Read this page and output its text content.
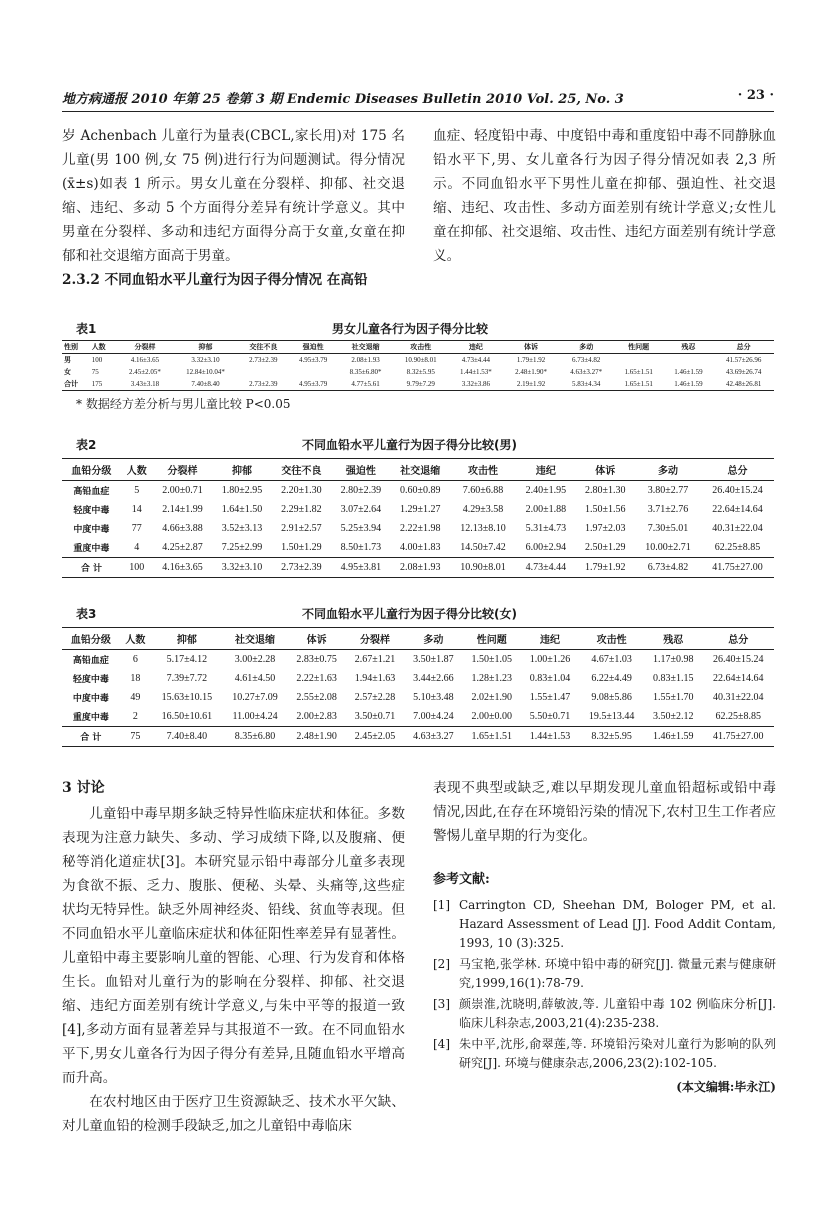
地方病通报 2010 年第 25 卷第 3 期 Endemic Diseases Bulletin 2010 Vol. 25, No. 3	· 23 ·

岁 Achenbach 儿童行为量表(CBCL,家长用)对 175 名儿童(男 100 例,女 75 例)进行行为问题测试。得分情况(x̄±s)如表 1 所示。男女儿童在分裂样、抑郁、社交退缩、违纪、多动 5 个方面得分差异有统计学意义。其中男童在分裂样、多动和违纪方面得分高于女童,女童在抑郁和社交退缩方面高于男童。

2.3.2 不同血铅水平儿童行为因子得分情况 在高铅

血症、轻度铅中毒、中度铅中毒和重度铅中毒不同静脉血铅水平下,男、女儿童各行为因子得分情况如表 2,3 所示。不同血铅水平下男性儿童在抑郁、强迫性、社交退缩、违纪、攻击性、多动方面差别有统计学意义;女性儿童在抑郁、社交退缩、攻击性、违纪方面差别有统计学意义。

表1	男女儿童各行为因子得分比较
性别	人数	分裂样	抑郁	交往不良	强迫性	社交退缩	攻击性	违纪	体诉	多动	性问题	残忍	总分
男	100	4.16±3.65	3.32±3.10	2.73±2.39	4.95±3.79	2.08±1.93	10.90±8.01	4.73±4.44	1.79±1.92	6.73±4.82			41.57±26.96
女	75	2.45±2.05*	12.84±10.04*			8.35±6.80*	8.32±5.95	1.44±1.53*	2.48±1.90*	4.63±3.27*	1.65±1.51	1.46±1.59	43.69±26.74
合计	175	3.43±3.18	7.40±8.40	2.73±2.39	4.95±3.79	4.77±5.61	9.79±7.29	3.32±3.86	2.19±1.92	5.83±4.34	1.65±1.51	1.46±1.59	42.48±26.81
* 数据经方差分析与男儿童比较 P<0.05
表2	不同血铅水平儿童行为因子得分比较(男)
血铅分级	人数	分裂样	抑郁	交往不良	强迫性	社交退缩	攻击性	违纪	体诉	多动	总分
高铅血症	5	2.00±0.71	1.80±2.95	2.20±1.30	2.80±2.39	0.60±0.89	7.60±6.88	2.40±1.95	2.80±1.30	3.80±2.77	26.40±15.24
轻度中毒	14	2.14±1.99	1.64±1.50	2.29±1.82	3.07±2.64	1.29±1.27	4.29±3.58	2.00±1.88	1.50±1.56	3.71±2.76	22.64±14.64
中度中毒	77	4.66±3.88	3.52±3.13	2.91±2.57	5.25±3.94	2.22±1.98	12.13±8.10	5.31±4.73	1.97±2.03	7.30±5.01	40.31±22.04
重度中毒	4	4.25±2.87	7.25±2.99	1.50±1.29	8.50±1.73	4.00±1.83	14.50±7.42	6.00±2.94	2.50±1.29	10.00±2.71	62.25±8.85
合 计	100	4.16±3.65	3.32±3.10	2.73±2.39	4.95±3.81	2.08±1.93	10.90±8.01	4.73±4.44	1.79±1.92	6.73±4.82	41.75±27.00
表3	不同血铅水平儿童行为因子得分比较(女)
血铅分级	人数	抑郁	社交退缩	体诉	分裂样	多动	性问题	违纪	攻击性	残忍	总分
高铅血症	6	5.17±4.12	3.00±2.28	2.83±0.75	2.67±1.21	3.50±1.87	1.50±1.05	1.00±1.26	4.67±1.03	1.17±0.98	26.40±15.24
轻度中毒	18	7.39±7.72	4.61±4.50	2.22±1.63	1.94±1.63	3.44±2.66	1.28±1.23	0.83±1.04	6.22±4.49	0.83±1.15	22.64±14.64
中度中毒	49	15.63±10.15	10.27±7.09	2.55±2.08	2.57±2.28	5.10±3.48	2.02±1.90	1.55±1.47	9.08±5.86	1.55±1.70	40.31±22.04
重度中毒	2	16.50±10.61	11.00±4.24	2.00±2.83	3.50±0.71	7.00±4.24	2.00±0.00	5.50±0.71	19.5±13.44	3.50±2.12	62.25±8.85
合 计	75	7.40±8.40	8.35±6.80	2.48±1.90	2.45±2.05	4.63±3.27	1.65±1.51	1.44±1.53	8.32±5.95	1.46±1.59	41.75±27.00

3 讨论

儿童铅中毒早期多缺乏特异性临床症状和体征。多数表现为注意力缺失、多动、学习成绩下降,以及腹痛、便秘等消化道症状[3]。本研究显示铅中毒部分儿童多表现为食欲不振、乏力、腹胀、便秘、头晕、头痛等,这些症状均无特异性。缺乏外周神经炎、铅线、贫血等表现。但不同血铅水平儿童临床症状和体征阳性率差异有显著性。儿童铅中毒主要影响儿童的智能、心理、行为发育和体格生长。血铅对儿童行为的影响在分裂样、抑郁、社交退缩、违纪方面差别有统计学意义,与朱中平等的报道一致[4],多动方面有显著差异与其报道不一致。在不同血铅水平下,男女儿童各行为因子得分有差异,且随血铅水平增高而升高。

在农村地区由于医疗卫生资源缺乏、技术水平欠缺、对儿童血铅的检测手段缺乏,加之儿童铅中毒临床

表现不典型或缺乏,难以早期发现儿童血铅超标或铅中毒情况,因此,在存在环境铅污染的情况下,农村卫生工作者应警惕儿童早期的行为变化。

参考文献:

[1] Carrington CD, Sheehan DM, Bologer PM, et al. Hazard Assessment of Lead [J]. Food Addit Contam, 1993, 10 (3):325.
[2] 马宝艳,张学林. 环境中铅中毒的研究[J]. 微量元素与健康研究,1999,16(1):78-79.
[3] 颜崇淮,沈晓明,薛敏波,等. 儿童铅中毒 102 例临床分析[J]. 临床儿科杂志,2003,21(4):235-238.
[4] 朱中平,沈彤,俞翠莲,等. 环境铅污染对儿童行为影响的队列研究[J]. 环境与健康杂志,2006,23(2):102-105.
(本文编辑:毕永江)
